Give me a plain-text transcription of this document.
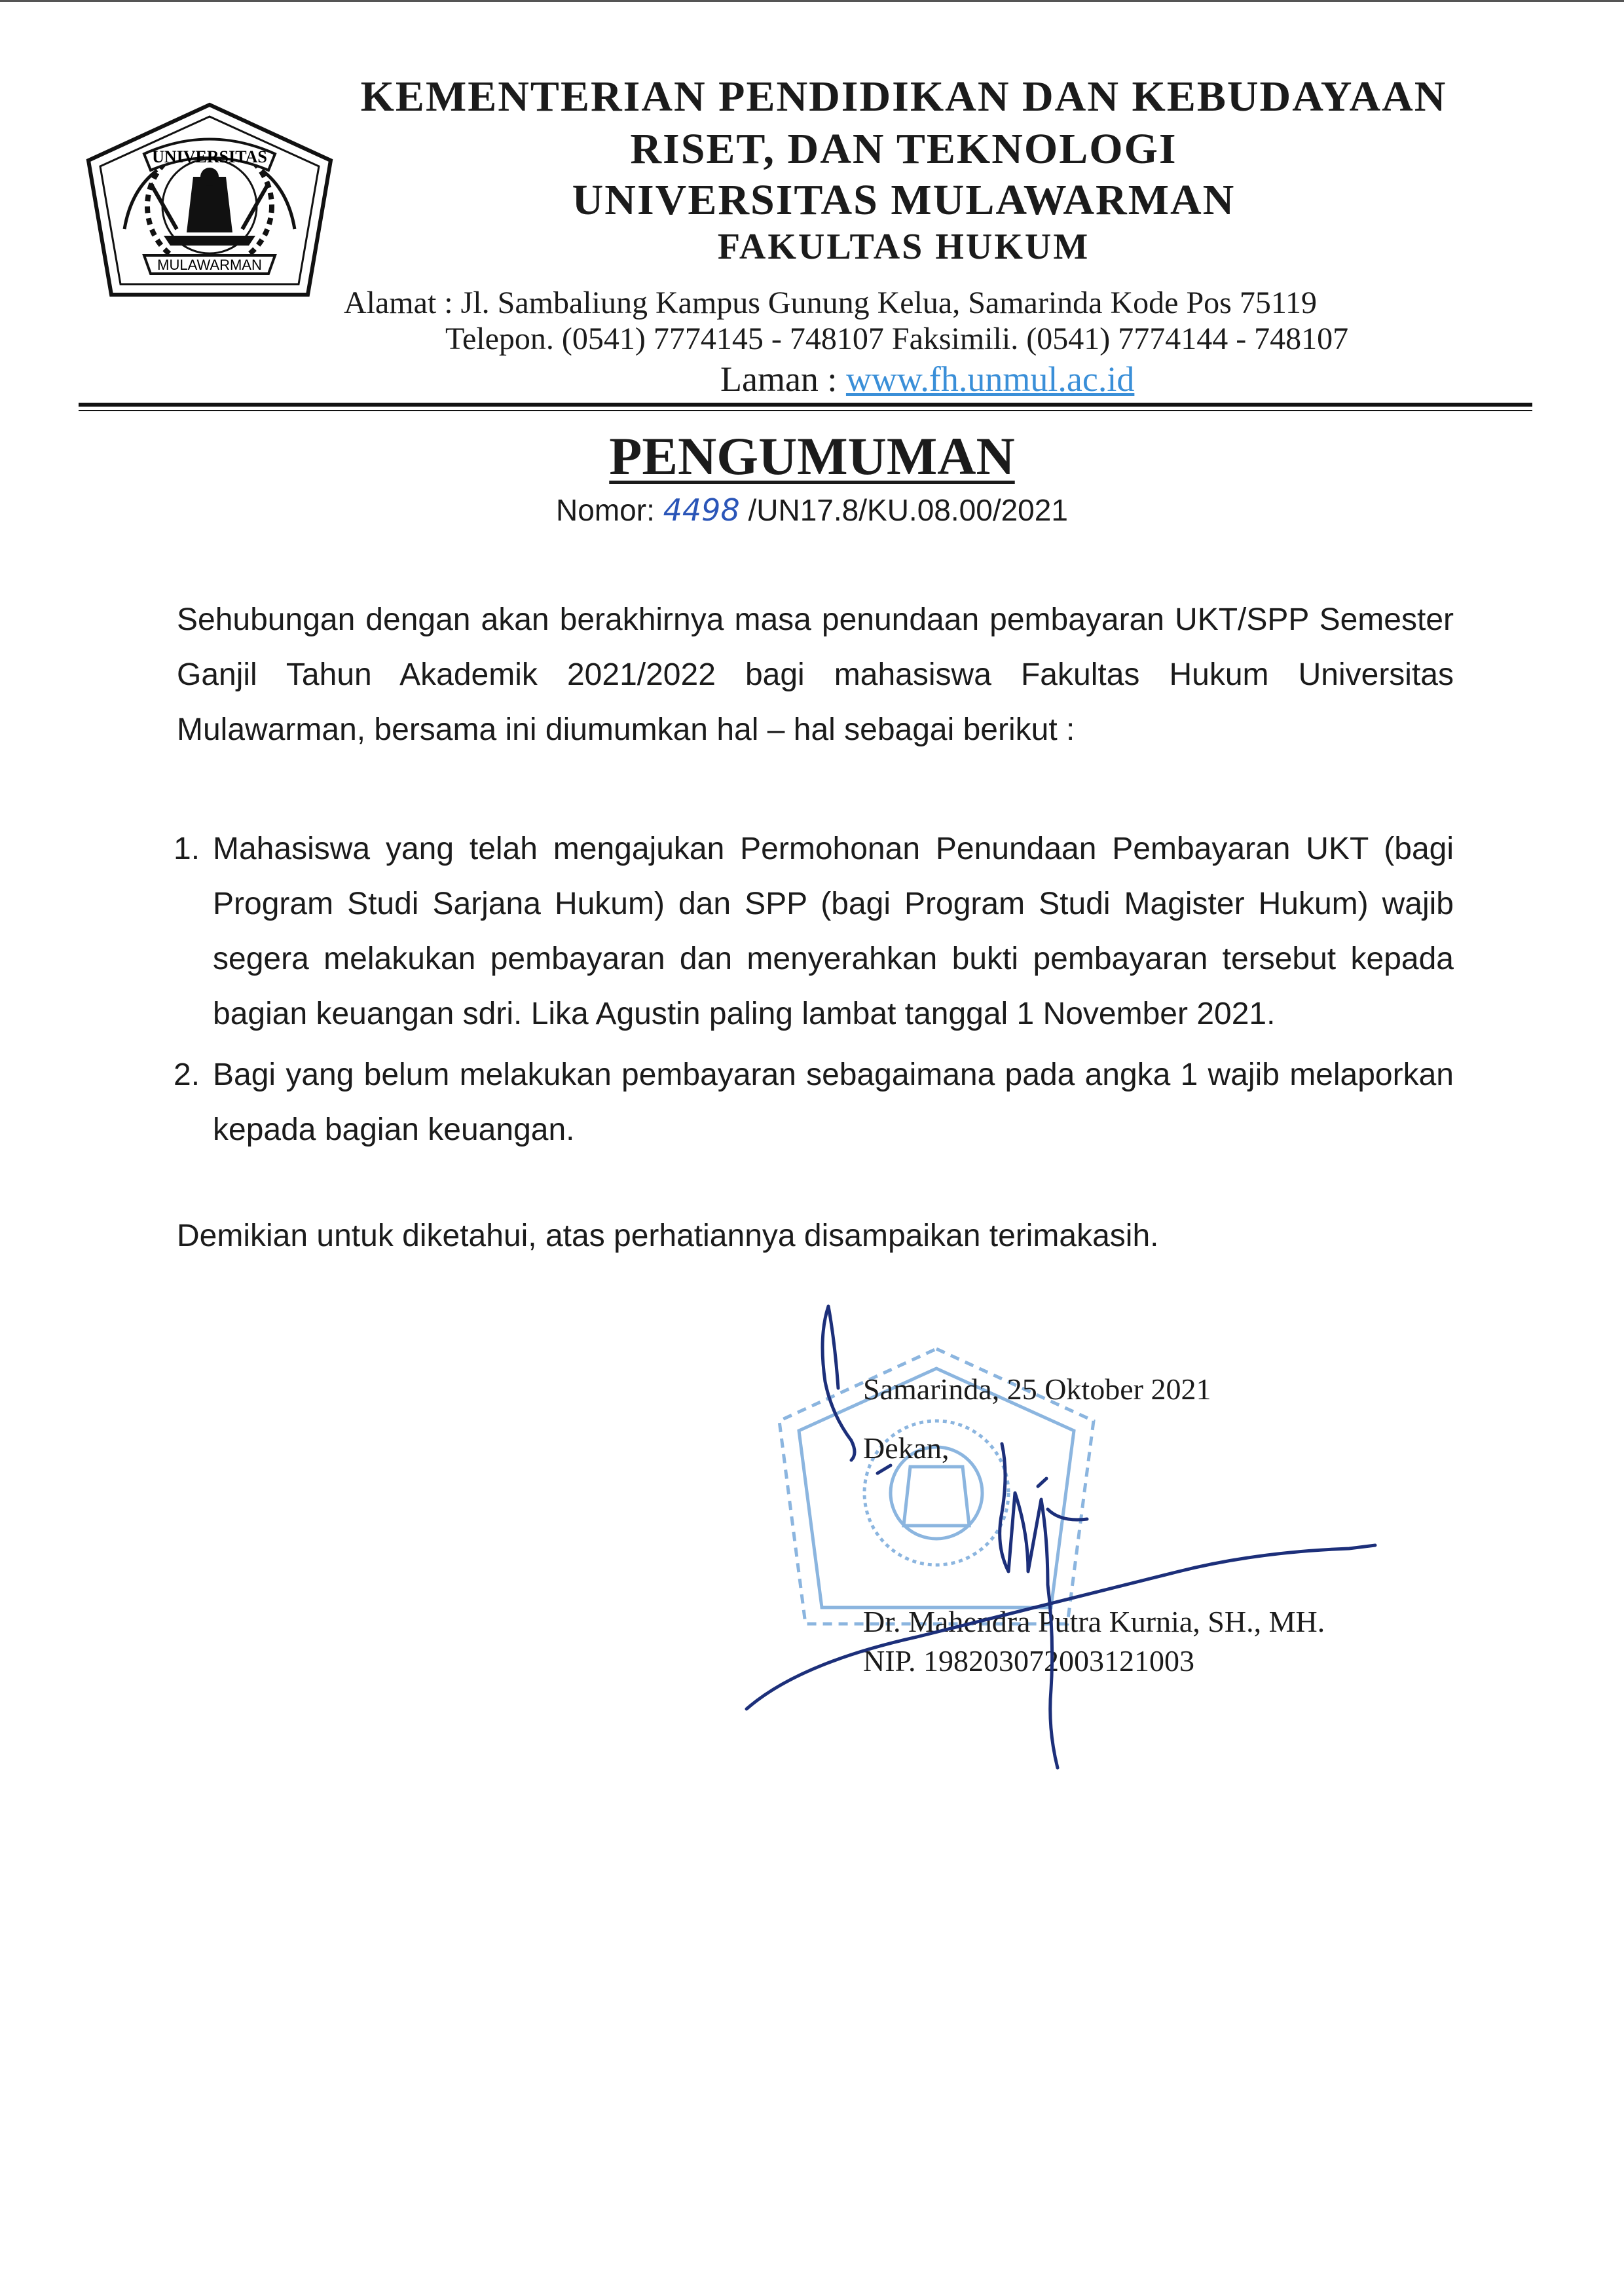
UNIVERSITAS
MULAWARMAN
KEMENTERIAN PENDIDIKAN DAN KEBUDAYAAN
RISET, DAN TEKNOLOGI
UNIVERSITAS MULAWARMAN
FAKULTAS HUKUM
Alamat : Jl. Sambaliung Kampus Gunung Kelua, Samarinda Kode Pos 75119
Telepon. (0541) 7774145 - 748107 Faksimili. (0541) 7774144 - 748107
Laman : www.fh.unmul.ac.id
PENGUMUMAN
Nomor: 4498 /UN17.8/KU.08.00/2021
Sehubungan dengan akan berakhirnya masa penundaan pembayaran UKT/SPP Semester Ganjil Tahun Akademik 2021/2022 bagi mahasiswa Fakultas Hukum Universitas Mulawarman, bersama ini diumumkan hal – hal sebagai berikut :
1. Mahasiswa yang telah mengajukan Permohonan Penundaan Pembayaran UKT (bagi Program Studi Sarjana Hukum) dan SPP (bagi Program Studi Magister Hukum) wajib segera melakukan pembayaran dan menyerahkan bukti pembayaran tersebut kepada bagian keuangan sdri. Lika Agustin paling lambat tanggal 1 November 2021.
2. Bagi yang belum melakukan pembayaran sebagaimana pada angka 1 wajib melaporkan kepada bagian keuangan.
Demikian untuk diketahui, atas perhatiannya disampaikan terimakasih.
Samarinda, 25 Oktober 2021
Dekan,
Dr. Mahendra Putra Kurnia, SH., MH.
NIP. 198203072003121003
